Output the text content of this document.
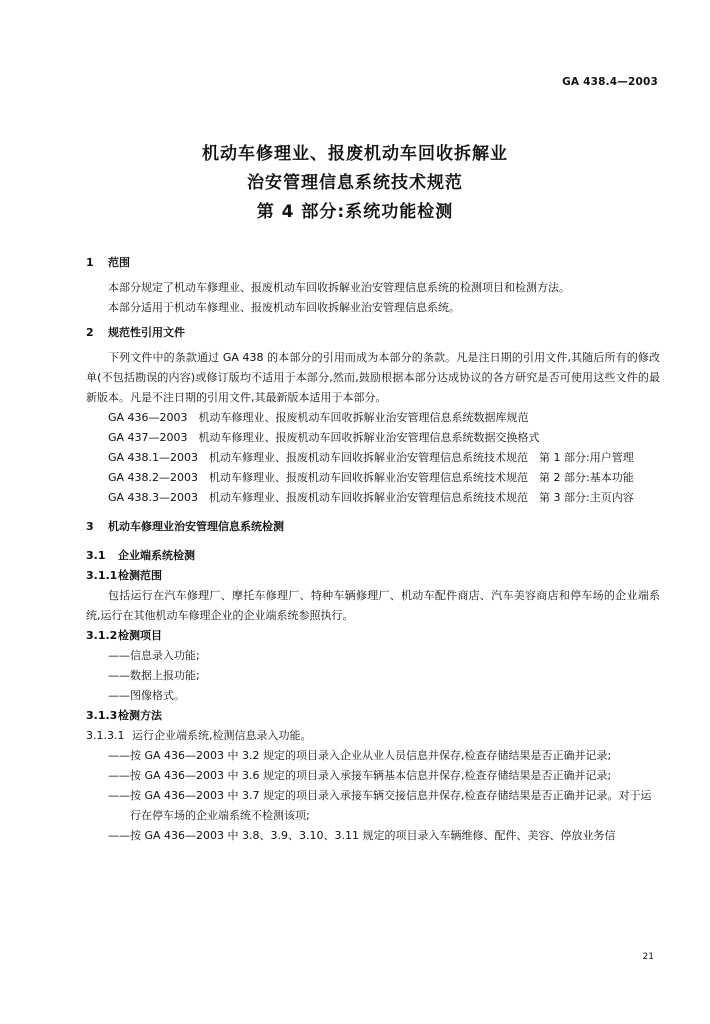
GA 438.4—2003
机动车修理业、报废机动车回收拆解业
治安管理信息系统技术规范
第 4 部分:系统功能检测
1 范围
本部分规定了机动车修理业、报废机动车回收拆解业治安管理信息系统的检测项目和检测方法。
本部分适用于机动车修理业、报废机动车回收拆解业治安管理信息系统。
2 规范性引用文件
下列文件中的条款通过 GA 438 的本部分的引用而成为本部分的条款。凡是注日期的引用文件,其随后所有的修改单(不包括勘误的内容)或修订版均不适用于本部分,然而,鼓励根据本部分达成协议的各方研究是否可使用这些文件的最新版本。凡是不注日期的引用文件,其最新版本适用于本部分。
GA 436—2003　机动车修理业、报废机动车回收拆解业治安管理信息系统数据库规范
GA 437—2003　机动车修理业、报废机动车回收拆解业治安管理信息系统数据交换格式
GA 438.1—2003　机动车修理业、报废机动车回收拆解业治安管理信息系统技术规范　第 1 部分:用户管理
GA 438.2—2003　机动车修理业、报废机动车回收拆解业治安管理信息系统技术规范　第 2 部分:基本功能
GA 438.3—2003　机动车修理业、报废机动车回收拆解业治安管理信息系统技术规范　第 3 部分:主页内容
3 机动车修理业治安管理信息系统检测
3.1 企业端系统检测
3.1.1检测范围
包括运行在汽车修理厂、摩托车修理厂、特种车辆修理厂、机动车配件商店、汽车美容商店和停车场的企业端系统,运行在其他机动车修理企业的企业端系统参照执行。
3.1.2检测项目
——信息录入功能;
——数据上报功能;
——图像格式。
3.1.3检测方法
3.1.3.1 运行企业端系统,检测信息录入功能。
——按 GA 436—2003 中 3.2 规定的项目录入企业从业人员信息并保存,检查存储结果是否正确并记录;
——按 GA 436—2003 中 3.6 规定的项目录入承接车辆基本信息并保存,检查存储结果是否正确并记录;
——按 GA 436—2003 中 3.7 规定的项目录入承接车辆交接信息并保存,检查存储结果是否正确并记录。对于运行在停车场的企业端系统不检测该项;
——按 GA 436—2003 中 3.8、3.9、3.10、3.11 规定的项目录入车辆维修、配件、美容、停放业务信
21
